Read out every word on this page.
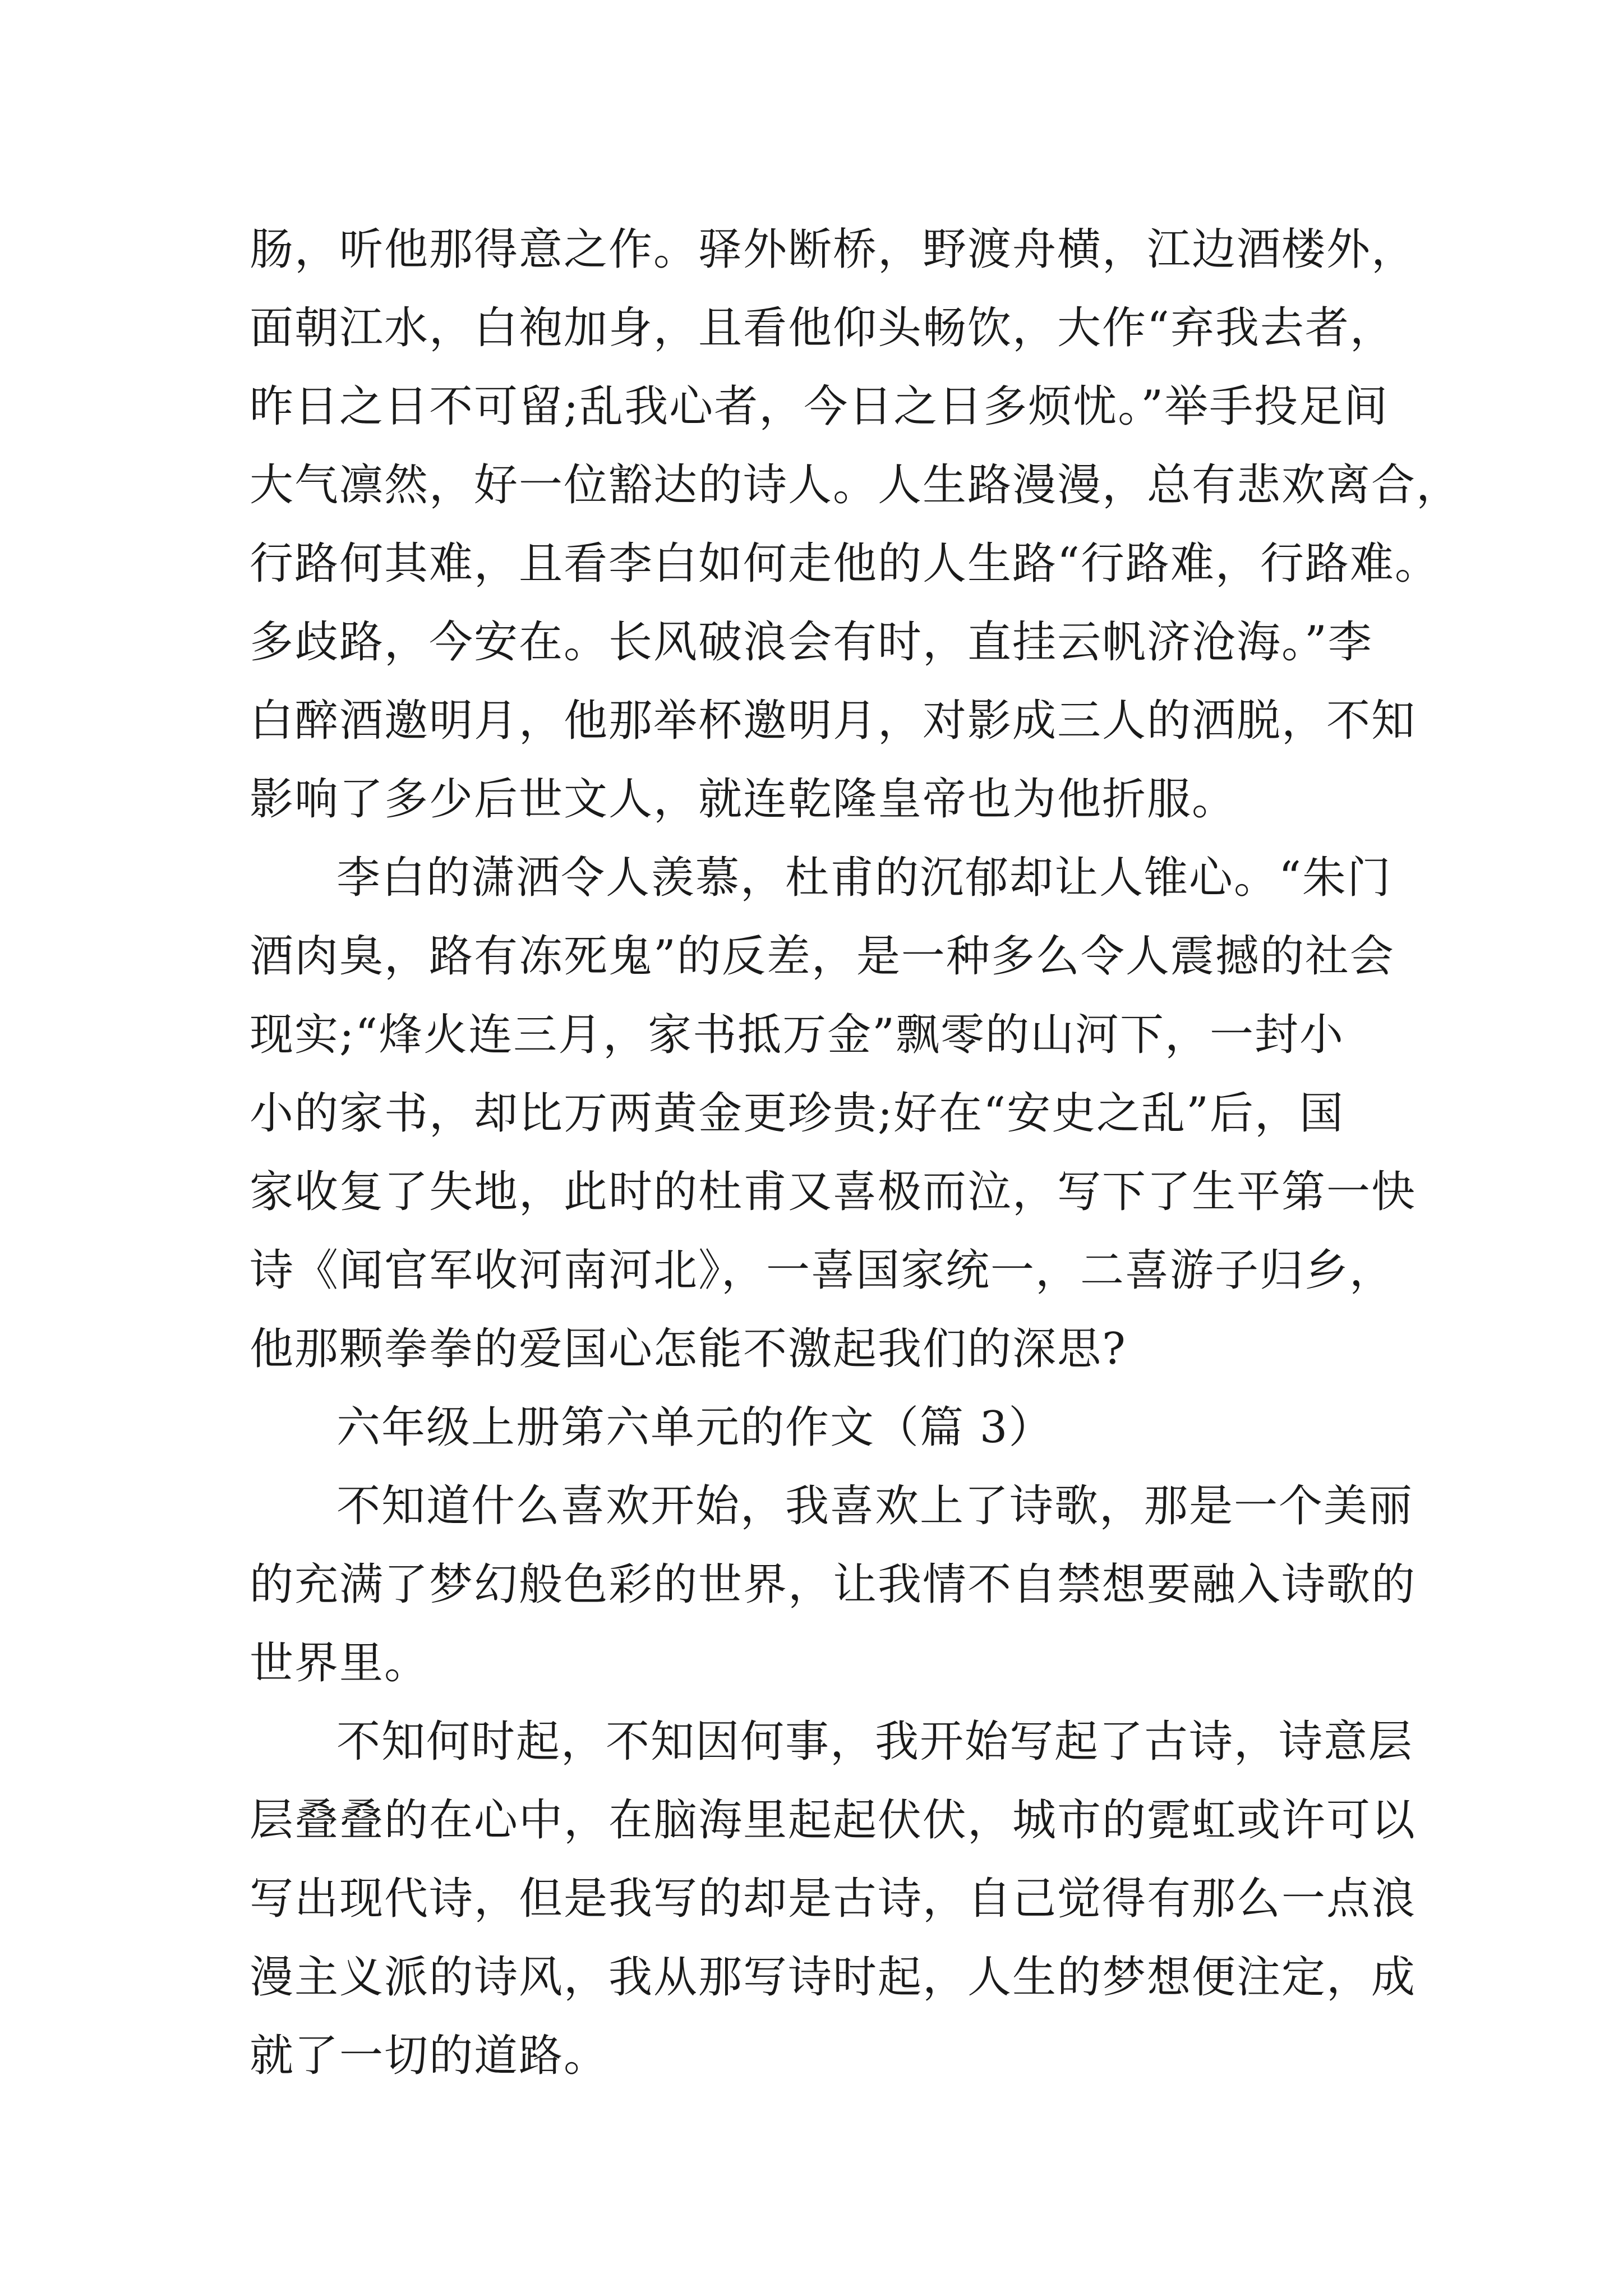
肠，听他那得意之作。驿外断桥，野渡舟横，江边酒楼外，
面朝江水，白袍加身，且看他仰头畅饮，大作“弃我去者，
昨日之日不可留;乱我心者，今日之日多烦忧。”举手投足间
大气凛然，好一位豁达的诗人。人生路漫漫，总有悲欢离合，
行路何其难，且看李白如何走他的人生路“行路难，行路难。
多歧路，今安在。长风破浪会有时，直挂云帆济沧海。”李
白醉酒邀明月，他那举杯邀明月，对影成三人的洒脱，不知
影响了多少后世文人，就连乾隆皇帝也为他折服。
李白的潇洒令人羡慕，杜甫的沉郁却让人锥心。“朱门
酒肉臭，路有冻死鬼”的反差，是一种多么令人震撼的社会
现实;“烽火连三月，家书抵万金”飘零的山河下，一封小
小的家书，却比万两黄金更珍贵;好在“安史之乱”后，国
家收复了失地，此时的杜甫又喜极而泣，写下了生平第一快
诗《闻官军收河南河北》，一喜国家统一，二喜游子归乡，
他那颗拳拳的爱国心怎能不激起我们的深思?
六年级上册第六单元的作文（篇 3）
不知道什么喜欢开始，我喜欢上了诗歌，那是一个美丽
的充满了梦幻般色彩的世界，让我情不自禁想要融入诗歌的
世界里。
不知何时起，不知因何事，我开始写起了古诗，诗意层
层叠叠的在心中，在脑海里起起伏伏，城市的霓虹或许可以
写出现代诗，但是我写的却是古诗，自己觉得有那么一点浪
漫主义派的诗风，我从那写诗时起，人生的梦想便注定，成
就了一切的道路。
